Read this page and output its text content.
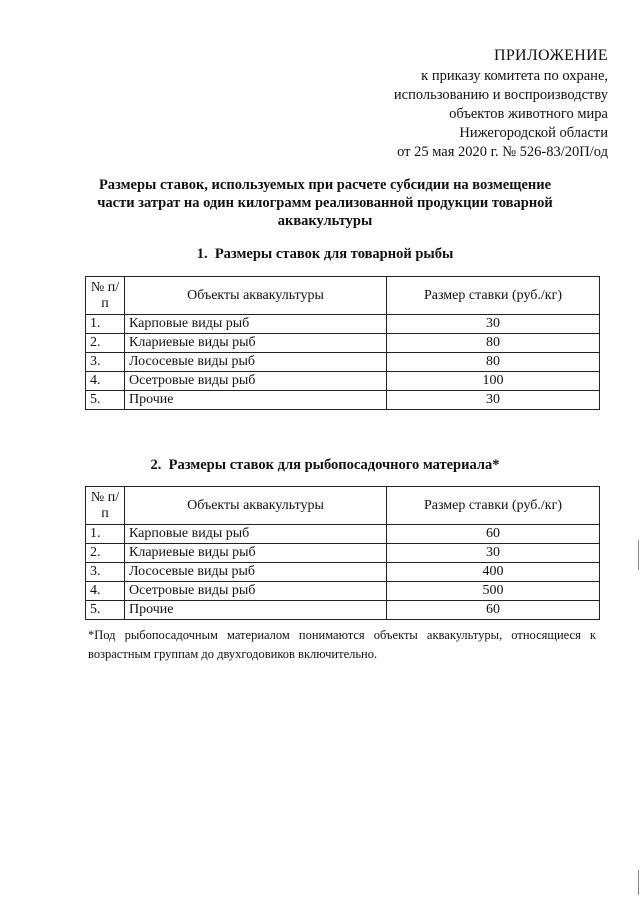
ПРИЛОЖЕНИЕ
к приказу комитета по охране,
использованию и воспроизводству
объектов животного мира
Нижегородской области
от 25 мая 2020 г. № 526-83/20П/од
Размеры ставок, используемых при расчете субсидии на возмещение
части затрат на один килограмм реализованной продукции товарной
аквакультуры
1. Размеры ставок для товарной рыбы
№ п/п	Объекты аквакультуры	Размер ставки (руб./кг)
1.	Карповые виды рыб	30
2.	Клариевые виды рыб	80
3.	Лососевые виды рыб	80
4.	Осетровые виды рыб	100
5.	Прочие	30
2. Размеры ставок для рыбопосадочного материала*
№ п/п	Объекты аквакультуры	Размер ставки (руб./кг)
1.	Карповые виды рыб	60
2.	Клариевые виды рыб	30
3.	Лососевые виды рыб	400
4.	Осетровые виды рыб	500
5.	Прочие	60
*Под рыбопосадочным материалом понимаются объекты аквакультуры, относящиеся к возрастным группам до двухгодовиков включительно.
